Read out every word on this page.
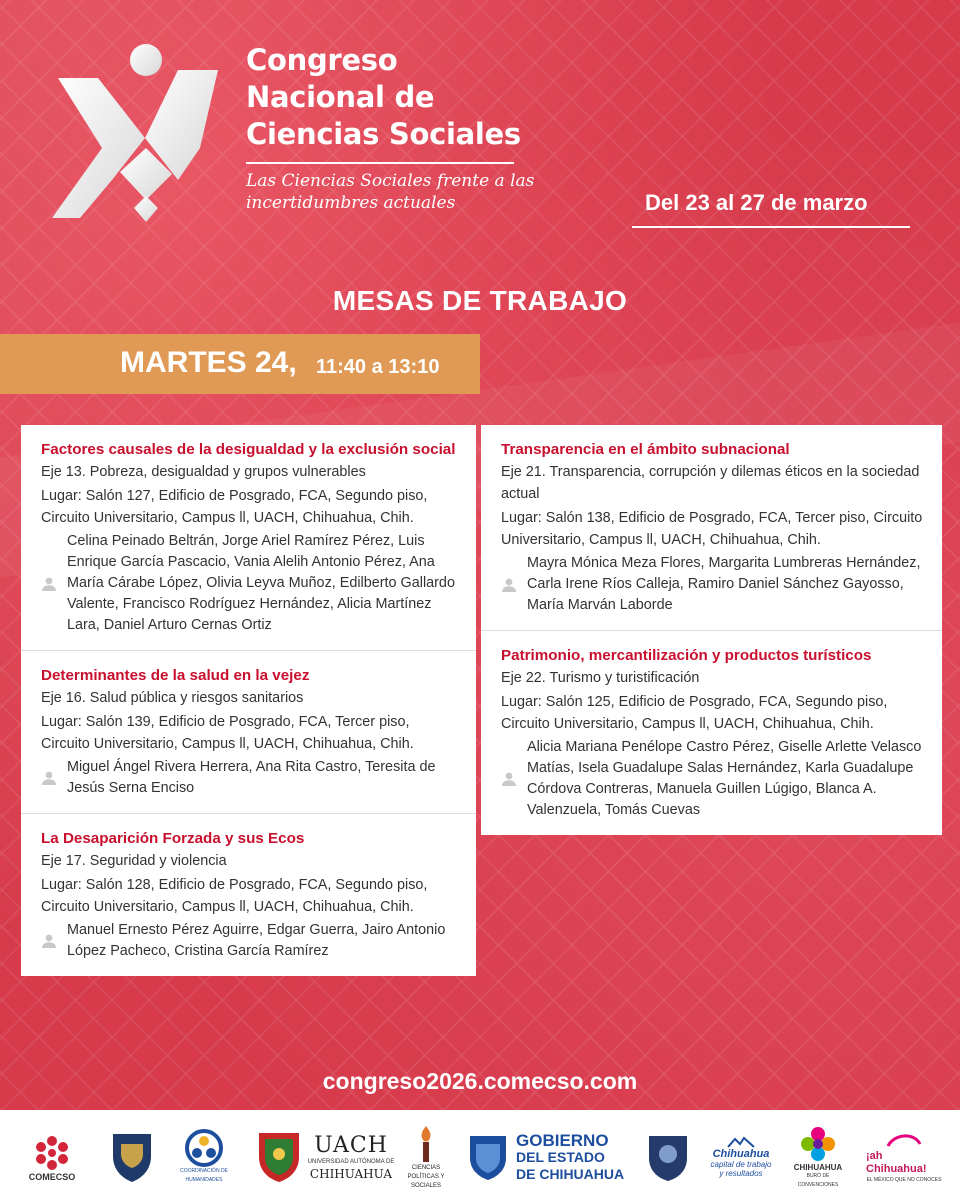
Congreso
Nacional de
Ciencias Sociales
Las Ciencias Sociales frente a las
incertidumbres actuales	Del 23 al 27 de marzo
MESAS DE TRABAJO
MARTES 24, 11:40 a 13:10
Factores causales de la desigualdad y la exclusión social
Eje 13. Pobreza, desigualdad y grupos vulnerables
Lugar: Salón 127, Edificio de Posgrado, FCA, Segundo piso, Circuito Universitario, Campus ll, UACH, Chihuahua, Chih.
Celina Peinado Beltrán, Jorge Ariel Ramírez Pérez, Luis Enrique García Pascacio, Vania Alelih Antonio Pérez, Ana María Cárabe López, Olivia Leyva Muñoz, Edilberto Gallardo Valente, Francisco Rodríguez Hernández, Alicia Martínez Lara, Daniel Arturo Cernas Ortiz
Determinantes de la salud en la vejez
Eje 16. Salud pública y riesgos sanitarios
Lugar: Salón 139, Edificio de Posgrado, FCA, Tercer piso, Circuito Universitario, Campus ll, UACH, Chihuahua, Chih.
Miguel Ángel Rivera Herrera, Ana Rita Castro, Teresita de Jesús Serna Enciso
La Desaparición Forzada y sus Ecos
Eje 17. Seguridad y violencia
Lugar: Salón 128, Edificio de Posgrado, FCA, Segundo piso, Circuito Universitario, Campus ll, UACH, Chihuahua, Chih.
Manuel Ernesto Pérez Aguirre, Edgar Guerra, Jairo Antonio López Pacheco, Cristina García Ramírez
Transparencia en el ámbito subnacional
Eje 21. Transparencia, corrupción y dilemas éticos en la sociedad actual
Lugar: Salón 138, Edificio de Posgrado, FCA, Tercer piso, Circuito Universitario, Campus ll, UACH, Chihuahua, Chih.
Mayra Mónica Meza Flores, Margarita Lumbreras Hernández, Carla Irene Ríos Calleja, Ramiro Daniel Sánchez Gayosso, María Marván Laborde
Patrimonio, mercantilización y productos turísticos
Eje 22. Turismo y turistificación
Lugar: Salón 125, Edificio de Posgrado, FCA, Segundo piso, Circuito Universitario, Campus ll, UACH, Chihuahua, Chih.
Alicia Mariana Penélope Castro Pérez, Giselle Arlette Velasco Matías, Isela Guadalupe Salas Hernández, Karla Guadalupe Córdova Contreras, Manuela Guillen Lúgigo, Blanca A. Valenzuela, Tomás Cuevas
congreso2026.comecso.com
COMECSO
COORDINACIÓN DE HUMANIDADES
UACH
UNIVERSIDAD AUTÓNOMA DE
CHIHUAHUA	CIENCIAS POLÍTICAS Y SOCIALES
GOBIERNO
DEL ESTADO
DE CHIHUAHUA
Chihuahua
capital de trabajo
y resultados
CHIHUAHUA
BURÓ DE CONVENCIONES
¡ah Chihuahua!
EL MÉXICO QUE NO CONOCES
